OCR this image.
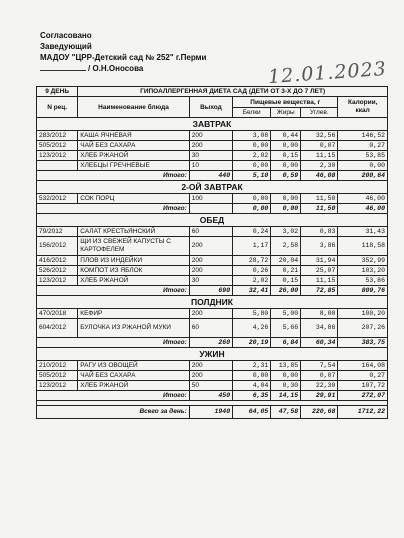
Согласовано
Заведующий
МАДОУ "ЦРР-Детский сад № 252" г.Перми
/ О.Н.Оносова	12.01.2023
9 ДЕНЬ	ГИПОАЛЛЕРГЕННАЯ ДИЕТА САД (ДЕТИ ОТ 3-Х ДО 7 ЛЕТ)					
N рец.	Наименование блюда	Выход	Пищевые вещества, г			Калории, ккал
			Белки	Жиры	Углев.	
ЗАВТРАК						
283/2012	КАША ЯЧНЕВАЯ	200	3,08	0,44	32,56	146,52
505/2012	ЧАЙ БЕЗ САХАРА	200	0,00	0,00	0,07	0,27
123/2012	ХЛЕБ РЖАНОЙ	30	2,02	0,15	11,15	53,85
	ХЛЕБЦЫ ГРЕЧНЕВЫЕ	10	0,00	0,00	2,30	0,00
Итого:		440	5,10	0,59	46,08	200,64
2-ОЙ ЗАВТРАК						
532/2012	СОК ПОРЦ	100	0,00	0,00	11,50	46,00
Итого:			0,00	0,00	11,50	46,00
ОБЕД						
79/2012	САЛАТ КРЕСТЬЯНСКИЙ	60	0,24	3,02	0,83	31,43
156/2012	ЩИ ИЗ СВЕЖЕЙ КАПУСТЫ С КАРТОФЕЛЕМ	200	1,17	2,58	3,86	118,58
416/2012	ПЛОВ ИЗ ИНДЕЙКИ	200	28,72	20,04	31,94	352,99
526/2012	КОМПОТ ИЗ ЯБЛОК	200	0,26	0,21	25,07	103,20
123/2012	ХЛЕБ РЖАНОЙ	30	2,02	0,15	11,15	53,86
Итого:		690	32,41	26,00	72,85	809,76
ПОЛДНИК						
470/2018	КЕФИР	200	5,80	5,00	8,00	100,20
604/2012	БУЛОЧКА ИЗ РЖАНОЙ МУКИ	60	4,26	5,66	34,86	207,26
Итого:		260	20,19	6,84	60,34	383,75
УЖИН						
210/2012	РАГУ ИЗ ОВОЩЕЙ	200	2,31	13,85	7,54	164,08
505/2012	ЧАЙ БЕЗ САХАРА	200	0,00	0,00	0,07	0,27
123/2012	ХЛЕБ РЖАНОЙ	50	4,04	0,30	22,30	107,72
Итого:		450	6,35	14,15	29,91	272,07

Всего за день:		1940	64,05	47,58	220,68	1712,22
